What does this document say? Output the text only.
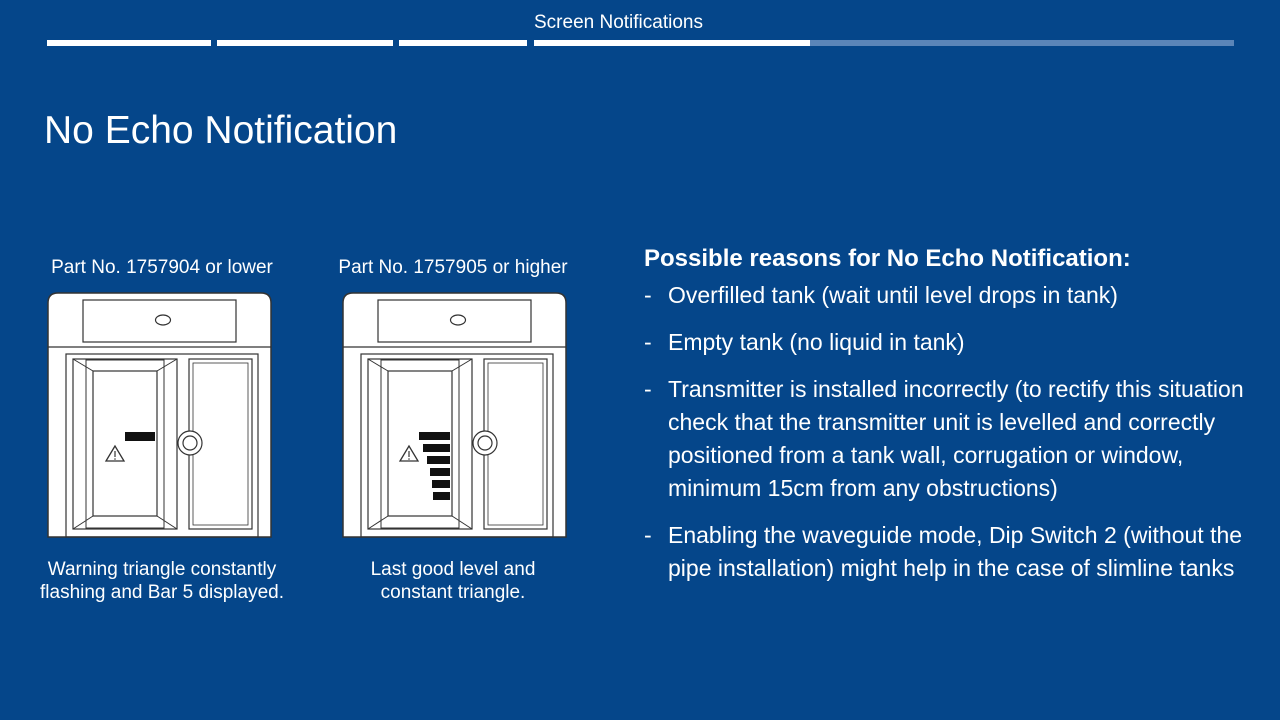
Screen Notifications
No Echo Notification
Part No. 1757904 or lower
Warning triangle constantly flashing and Bar 5 displayed.
Part No. 1757905 or higher
Last good level and constant triangle.
Possible reasons for No Echo Notification:
- Overfilled tank (wait until level drops in tank)
- Empty tank (no liquid in tank)
- Transmitter is installed incorrectly (to rectify this situation check that the transmitter unit is levelled and correctly positioned from a tank wall, corrugation or window, minimum 15cm from any obstructions)
- Enabling the waveguide mode, Dip Switch 2 (without the pipe installation) might help in the case of slimline tanks
